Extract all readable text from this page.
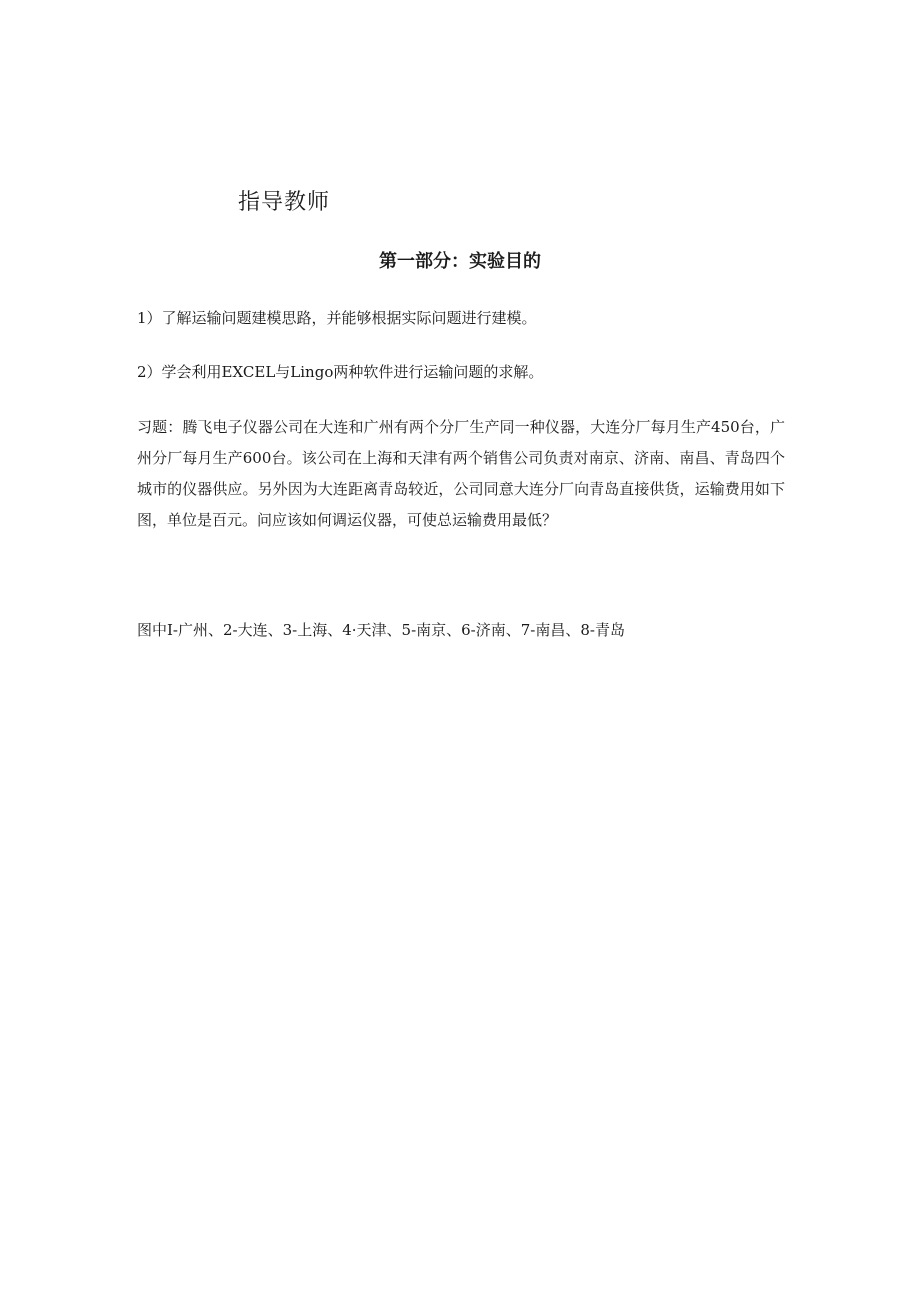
指导教师
第一部分：实验目的

1）了解运输问题建模思路，并能够根据实际问题进行建模。

2）学会利用EXCEL与Lingo两种软件进行运输问题的求解。

习题：腾飞电子仪器公司在大连和广州有两个分厂生产同一种仪器，大连分厂每月生产450台，广州分厂每月生产600台。该公司在上海和天津有两个销售公司负责对南京、济南、南昌、青岛四个城市的仪器供应。另外因为大连距离青岛较近，公司同意大连分厂向青岛直接供货，运输费用如下图，单位是百元。问应该如何调运仪器，可使总运输费用最低？

图中I-广州、2-大连、3-上海、4·天津、5-南京、6-济南、7-南昌、8-青岛
